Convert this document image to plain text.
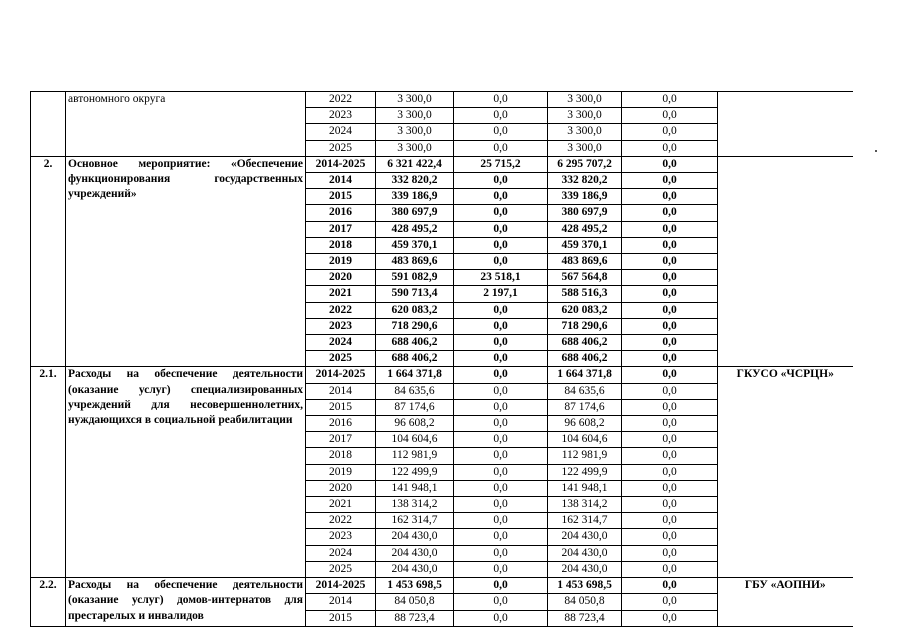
	автономного округа	2022	3 300,0	0,0	3 300,0	0,0	
		2023	3 300,0	0,0	3 300,0	0,0	
		2024	3 300,0	0,0	3 300,0	0,0	
		2025	3 300,0	0,0	3 300,0	0,0	
2.	Основное мероприятие: «Обеспечение функционирования государственных учреждений»	2014-2025	6 321 422,4	25 715,2	6 295 707,2	0,0	
		2014	332 820,2	0,0	332 820,2	0,0	
		2015	339 186,9	0,0	339 186,9	0,0	
		2016	380 697,9	0,0	380 697,9	0,0	
		2017	428 495,2	0,0	428 495,2	0,0	
		2018	459 370,1	0,0	459 370,1	0,0	
		2019	483 869,6	0,0	483 869,6	0,0	
		2020	591 082,9	23 518,1	567 564,8	0,0	
		2021	590 713,4	2 197,1	588 516,3	0,0	
		2022	620 083,2	0,0	620 083,2	0,0	
		2023	718 290,6	0,0	718 290,6	0,0	
		2024	688 406,2	0,0	688 406,2	0,0	
		2025	688 406,2	0,0	688 406,2	0,0	
2.1.	Расходы на обеспечение деятельности (оказание услуг) специализированных учреждений для несовершеннолетних, нуждающихся в социальной реабилитации	2014-2025	1 664 371,8	0,0	1 664 371,8	0,0	ГКУСО «ЧСРЦН»
		2014	84 635,6	0,0	84 635,6	0,0	
		2015	87 174,6	0,0	87 174,6	0,0	
		2016	96 608,2	0,0	96 608,2	0,0	
		2017	104 604,6	0,0	104 604,6	0,0	
		2018	112 981,9	0,0	112 981,9	0,0	
		2019	122 499,9	0,0	122 499,9	0,0	
		2020	141 948,1	0,0	141 948,1	0,0	
		2021	138 314,2	0,0	138 314,2	0,0	
		2022	162 314,7	0,0	162 314,7	0,0	
		2023	204 430,0	0,0	204 430,0	0,0	
		2024	204 430,0	0,0	204 430,0	0,0	
		2025	204 430,0	0,0	204 430,0	0,0	
2.2.	Расходы на обеспечение деятельности (оказание услуг) домов-интернатов для престарелых и инвалидов	2014-2025	1 453 698,5	0,0	1 453 698,5	0,0	ГБУ «АОПНИ»
		2014	84 050,8	0,0	84 050,8	0,0	
		2015	88 723,4	0,0	88 723,4	0,0	
